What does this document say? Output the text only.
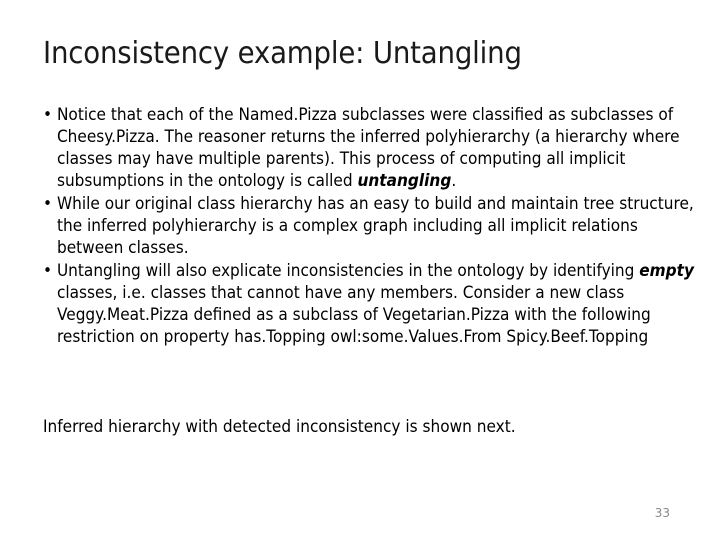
Inconsistency example: Untangling
• Notice that each of the Named.Pizza subclasses were classified as subclasses of Cheesy.Pizza. The reasoner returns the inferred polyhierarchy (a hierarchy where classes may have multiple parents). This process of computing all implicit subsumptions in the ontology is called untangling.
• While our original class hierarchy has an easy to build and maintain tree structure, the inferred polyhierarchy is a complex graph including all implicit relations between classes.
• Untangling will also explicate inconsistencies in the ontology by identifying empty classes, i.e. classes that cannot have any members. Consider a new class Veggy.Meat.Pizza defined as a subclass of Vegetarian.Pizza with the following restriction on property has.Topping owl:some.Values.From Spicy.Beef.Topping
Inferred hierarchy with detected inconsistency is shown next.
33
